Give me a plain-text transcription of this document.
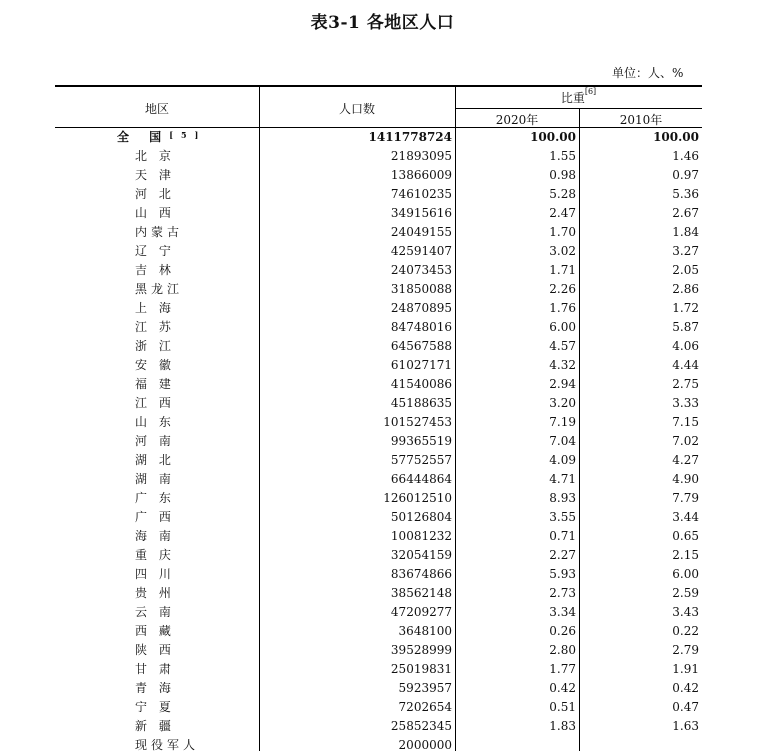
表3-1 各地区人口
单位：人、%
地区	人口数
比重[6]
2020年	2010年
全 国[5]	1411778724	100.00	100.00
北 京	21893095	1.55	1.46
天 津	13866009	0.98	0.97
河 北	74610235	5.28	5.36
山 西	34915616	2.47	2.67
内蒙古	24049155	1.70	1.84
辽 宁	42591407	3.02	3.27
吉 林	24073453	1.71	2.05
黑龙江	31850088	2.26	2.86
上 海	24870895	1.76	1.72
江 苏	84748016	6.00	5.87
浙 江	64567588	4.57	4.06
安 徽	61027171	4.32	4.44
福 建	41540086	2.94	2.75
江 西	45188635	3.20	3.33
山 东	101527453	7.19	7.15
河 南	99365519	7.04	7.02
湖 北	57752557	4.09	4.27
湖 南	66444864	4.71	4.90
广 东	126012510	8.93	7.79
广 西	50126804	3.55	3.44
海 南	10081232	0.71	0.65
重 庆	32054159	2.27	2.15
四 川	83674866	5.93	6.00
贵 州	38562148	2.73	2.59
云 南	47209277	3.34	3.43
西 藏	3648100	0.26	0.22
陕 西	39528999	2.80	2.79
甘 肃	25019831	1.77	1.91
青 海	5923957	0.42	0.42
宁 夏	7202654	0.51	0.47
新 疆	25852345	1.83	1.63
现役军人	2000000
